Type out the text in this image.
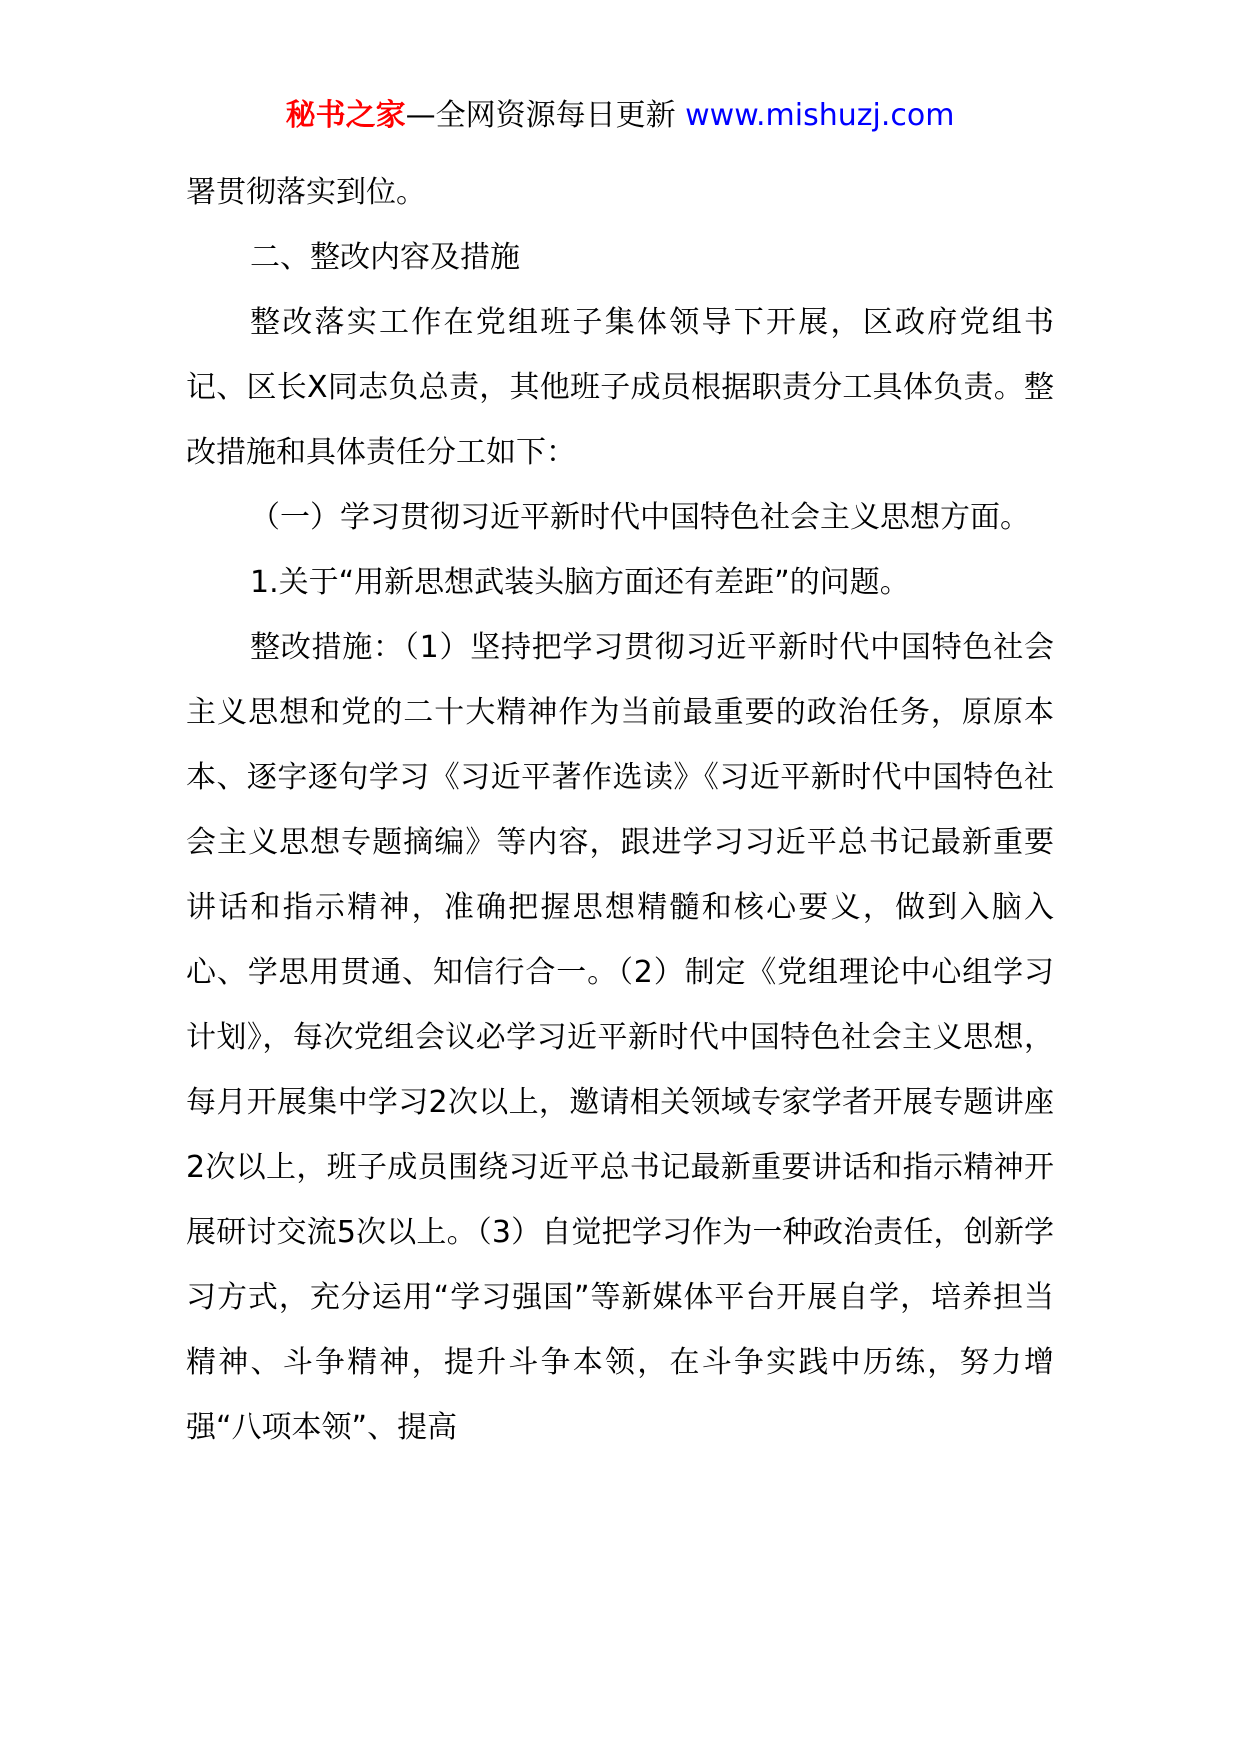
秘书之家—全网资源每日更新 www.mishuzj.com

署贯彻落实到位。

二、整改内容及措施

整改落实工作在党组班子集体领导下开展，区政府党组书记、区长X同志负总责，其他班子成员根据职责分工具体负责。整改措施和具体责任分工如下：

（一）学习贯彻习近平新时代中国特色社会主义思想方面。

1.关于“用新思想武装头脑方面还有差距”的问题。

整改措施：（1）坚持把学习贯彻习近平新时代中国特色社会主义思想和党的二十大精神作为当前最重要的政治任务，原原本本、逐字逐句学习《习近平著作选读》《习近平新时代中国特色社会主义思想专题摘编》等内容，跟进学习习近平总书记最新重要讲话和指示精神，准确把握思想精髓和核心要义，做到入脑入心、学思用贯通、知信行合一。（2）制定《党组理论中心组学习计划》，每次党组会议必学习近平新时代中国特色社会主义思想，每月开展集中学习2次以上，邀请相关领域专家学者开展专题讲座2次以上，班子成员围绕习近平总书记最新重要讲话和指示精神开展研讨交流5次以上。（3）自觉把学习作为一种政治责任，创新学习方式，充分运用“学习强国”等新媒体平台开展自学，培养担当精神、斗争精神，提升斗争本领，在斗争实践中历练，努力增强“八项本领”、提高
